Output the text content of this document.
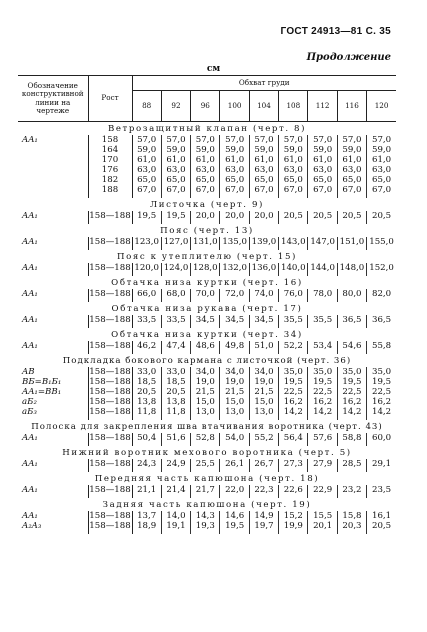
ГОСТ 24913—81 С. 35
Продолжение
см
Обозначение конструктивной линии на чертеже	Рост	Обхват груди								
		88	92	96	100	104	108	112	116	120
Ветрозащитный клапан (черт. 8)										
AA₁	158	57,0	57,0	57,0	57,0	57,0	57,0	57,0	57,0	57,0
	164	59,0	59,0	59,0	59,0	59,0	59,0	59,0	59,0	59,0
	170	61,0	61,0	61,0	61,0	61,0	61,0	61,0	61,0	61,0
	176	63,0	63,0	63,0	63,0	63,0	63,0	63,0	63,0	63,0
	182	65,0	65,0	65,0	65,0	65,0	65,0	65,0	65,0	65,0
	188	67,0	67,0	67,0	67,0	67,0	67,0	67,0	67,0	67,0
Листочка (черт. 9)										
AA₁	158—188	19,5	19,5	20,0	20,0	20,0	20,5	20,5	20,5	20,5
Пояс (черт. 13)										
AA₁	158—188	123,0	127,0	131,0	135,0	139,0	143,0	147,0	151,0	155,0
Пояс к утеплителю (черт. 15)										
AA₁	158—188	120,0	124,0	128,0	132,0	136,0	140,0	144,0	148,0	152,0
Обтачка низа куртки (черт. 16)										
AA₁	158—188	66,0	68,0	70,0	72,0	74,0	76,0	78,0	80,0	82,0
Обтачка низа рукава (черт. 17)										
AA₁	158—188	33,5	33,5	34,5	34,5	34,5	35,5	35,5	36,5	36,5
Обтачка низа куртки (черт. 34)										
AA₁	158—188	46,2	47,4	48,6	49,8	51,0	52,2	53,4	54,6	55,8
Подкладка бокового кармана с листочкой (черт. 36)										
AB	158—188	33,0	33,0	34,0	34,0	34,0	35,0	35,0	35,0	35,0
BБ=B₁Б₁	158—188	18,5	18,5	19,0	19,0	19,0	19,5	19,5	19,5	19,5
AA₁=BB₁	158—188	20,5	20,5	21,5	21,5	21,5	22,5	22,5	22,5	22,5
aБ₂	158—188	13,8	13,8	15,0	15,0	15,0	16,2	16,2	16,2	16,2
aБ₃	158—188	11,8	11,8	13,0	13,0	13,0	14,2	14,2	14,2	14,2
Полоска для закрепления шва втачивания воротника (черт. 43)										
AA₁	158—188	50,4	51,6	52,8	54,0	55,2	56,4	57,6	58,8	60,0
Нижний воротник мехового воротника (черт. 5)										
AA₁	158—188	24,3	24,9	25,5	26,1	26,7	27,3	27,9	28,5	29,1
Передняя часть капюшона (черт. 18)										
AA₁	158—188	21,1	21,4	21,7	22,0	22,3	22,6	22,9	23,2	23,5
Задняя часть капюшона (черт. 19)										
AA₁	158—188	13,7	14,0	14,3	14,6	14,9	15,2	15,5	15,8	16,1
A₂A₃	158—188	18,9	19,1	19,3	19,5	19,7	19,9	20,1	20,3	20,5
